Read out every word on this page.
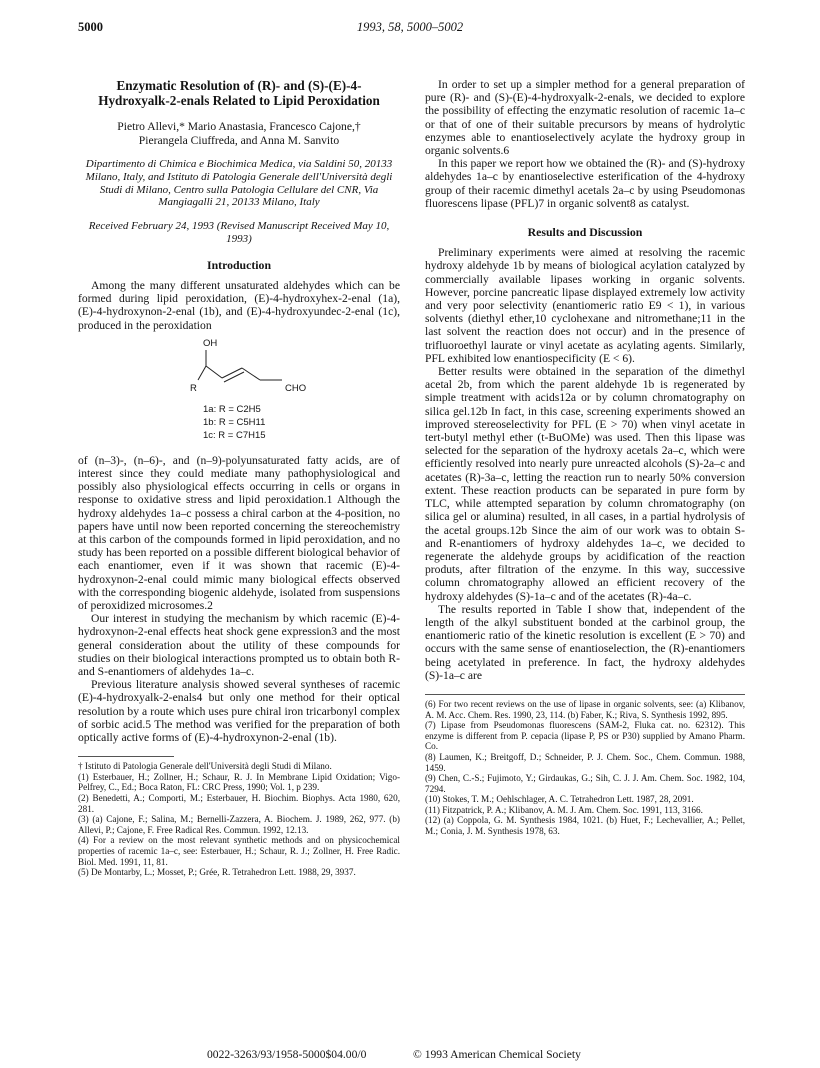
5000	1993, 58, 5000–5002
Enzymatic Resolution of (R)- and (S)-(E)-4-Hydroxyalk-2-enals Related to Lipid Peroxidation
Pietro Allevi,* Mario Anastasia, Francesco Cajone,†
Pierangela Ciuffreda, and Anna M. Sanvito
Dipartimento di Chimica e Biochimica Medica, via Saldini 50, 20133 Milano, Italy, and Istituto di Patologia Generale dell'Università degli Studi di Milano, Centro sulla Patologia Cellulare del CNR, Via Mangiagalli 21, 20133 Milano, Italy
Received February 24, 1993 (Revised Manuscript Received May 10, 1993)
Introduction

Among the many different unsaturated aldehydes which can be formed during lipid peroxidation, (E)-4-hydroxyhex-2-enal (1a), (E)-4-hydroxynon-2-enal (1b), and (E)-4-hydroxyundec-2-enal (1c), produced in the peroxidation

OH
R	CHO
1a: R = C2H5
1b: R = C5H11
1c: R = C7H15

of (n–3)-, (n–6)-, and (n–9)-polyunsaturated fatty acids, are of interest since they could mediate many pathophysiological and possibly also physiological effects occurring in cells or organs in response to oxidative stress and lipid peroxidation.1 Although the hydroxy aldehydes 1a–c possess a chiral carbon at the 4-position, no papers have until now been reported concerning the stereochemistry at this carbon of the compounds formed in lipid peroxidation, and no study has been reported on a possible different biological behavior of each enantiomer, even if it was shown that racemic (E)-4-hydroxynon-2-enal could mimic many biological effects observed with the corresponding biogenic aldehyde, isolated from suspensions of peroxidized microsomes.2

Our interest in studying the mechanism by which racemic (E)-4-hydroxynon-2-enal effects heat shock gene expression3 and the most general consideration about the utility of these compounds for studies on their biological interactions prompted us to obtain both R- and S-enantiomers of aldehydes 1a–c.

Previous literature analysis showed several syntheses of racemic (E)-4-hydroxyalk-2-enals4 but only one method for their optical resolution by a route which uses pure chiral iron tricarbonyl complex of sorbic acid.5 The method was verified for the preparation of both optically active forms of (E)-4-hydroxynon-2-enal (1b).

† Istituto di Patologia Generale dell'Università degli Studi di Milano.
(1) Esterbauer, H.; Zollner, H.; Schaur, R. J. In Membrane Lipid Oxidation; Vigo-Pelfrey, C., Ed.; Boca Raton, FL: CRC Press, 1990; Vol. 1, p 239.
(2) Benedetti, A.; Comporti, M.; Esterbauer, H. Biochim. Biophys. Acta 1980, 620, 281.
(3) (a) Cajone, F.; Salina, M.; Bernelli-Zazzera, A. Biochem. J. 1989, 262, 977. (b) Allevi, P.; Cajone, F. Free Radical Res. Commun. 1992, 12.13.
(4) For a review on the most relevant synthetic methods and on physicochemical properties of racemic 1a–c, see: Esterbauer, H.; Schaur, R. J.; Zollner, H. Free Radic. Biol. Med. 1991, 11, 81.
(5) De Montarby, L.; Mosset, P.; Grée, R. Tetrahedron Lett. 1988, 29, 3937.

In order to set up a simpler method for a general preparation of pure (R)- and (S)-(E)-4-hydroxyalk-2-enals, we decided to explore the possibility of effecting the enzymatic resolution of racemic 1a–c or that of one of their suitable precursors by means of hydrolytic enzymes able to enantioselectively acylate the hydroxy group in organic solvents.6

In this paper we report how we obtained the (R)- and (S)-hydroxy aldehydes 1a–c by enantioselective esterification of the 4-hydroxy group of their racemic dimethyl acetals 2a–c by using Pseudomonas fluorescens lipase (PFL)7 in organic solvent8 as catalyst.

Results and Discussion

Preliminary experiments were aimed at resolving the racemic hydroxy aldehyde 1b by means of biological acylation catalyzed by commercially available lipases working in organic solvents. However, porcine pancreatic lipase displayed extremely low activity and very poor selectivity (enantiomeric ratio E9 < 1), in various solvents (diethyl ether,10 cyclohexane and nitromethane;11 in the last solvent the reaction does not occur) and in the presence of trifluoroethyl laurate or vinyl acetate as acylating agents. Similarly, PFL exhibited low enantiospecificity (E < 6).

Better results were obtained in the separation of the dimethyl acetal 2b, from which the parent aldehyde 1b is regenerated by simple treatment with acids12a or by column chromatography on silica gel.12b In fact, in this case, screening experiments showed an improved stereoselectivity for PFL (E > 70) when vinyl acetate in tert-butyl methyl ether (t-BuOMe) was used. Then this lipase was selected for the separation of the hydroxy acetals 2a–c, which were efficiently resolved into nearly pure unreacted alcohols (S)-2a–c and acetates (R)-3a–c, letting the reaction run to nearly 50% conversion extent. These reaction products can be separated in pure form by TLC, while attempted separation by column chromatography (on silica gel or alumina) resulted, in all cases, in a partial hydrolysis of the acetal groups.12b Since the aim of our work was to obtain S- and R-enantiomers of hydroxy aldehydes 1a–c, we decided to regenerate the aldehyde groups by acidification of the reaction produts, after filtration of the enzyme. In this way, successive column chromatography allowed an efficient recovery of the hydroxy aldehydes (S)-1a–c and of the acetates (R)-4a–c.

The results reported in Table I show that, independent of the length of the alkyl substituent bonded at the carbinol group, the enantiomeric ratio of the kinetic resolution is excellent (E > 70) and occurs with the same sense of enantioselection, the (R)-enantiomers being acetylated in preference. In fact, the hydroxy aldehydes (S)-1a–c are

(6) For two recent reviews on the use of lipase in organic solvents, see: (a) Klibanov, A. M. Acc. Chem. Res. 1990, 23, 114. (b) Faber, K.; Riva, S. Synthesis 1992, 895.
(7) Lipase from Pseudomonas fluorescens (SAM-2, Fluka cat. no. 62312). This enzyme is different from P. cepacia (lipase P, PS or P30) supplied by Amano Pharm. Co.
(8) Laumen, K.; Breitgoff, D.; Schneider, P. J. Chem. Soc., Chem. Commun. 1988, 1459.
(9) Chen, C.-S.; Fujimoto, Y.; Girdaukas, G.; Sih, C. J. J. Am. Chem. Soc. 1982, 104, 7294.
(10) Stokes, T. M.; Oehlschlager, A. C. Tetrahedron Lett. 1987, 28, 2091.
(11) Fitzpatrick, P. A.; Klibanov, A. M. J. Am. Chem. Soc. 1991, 113, 3166.
(12) (a) Coppola, G. M. Synthesis 1984, 1021. (b) Huet, F.; Lechevallier, A.; Pellet, M.; Conia, J. M. Synthesis 1978, 63.
0022-3263/93/1958-5000$04.00/0	© 1993 American Chemical Society
